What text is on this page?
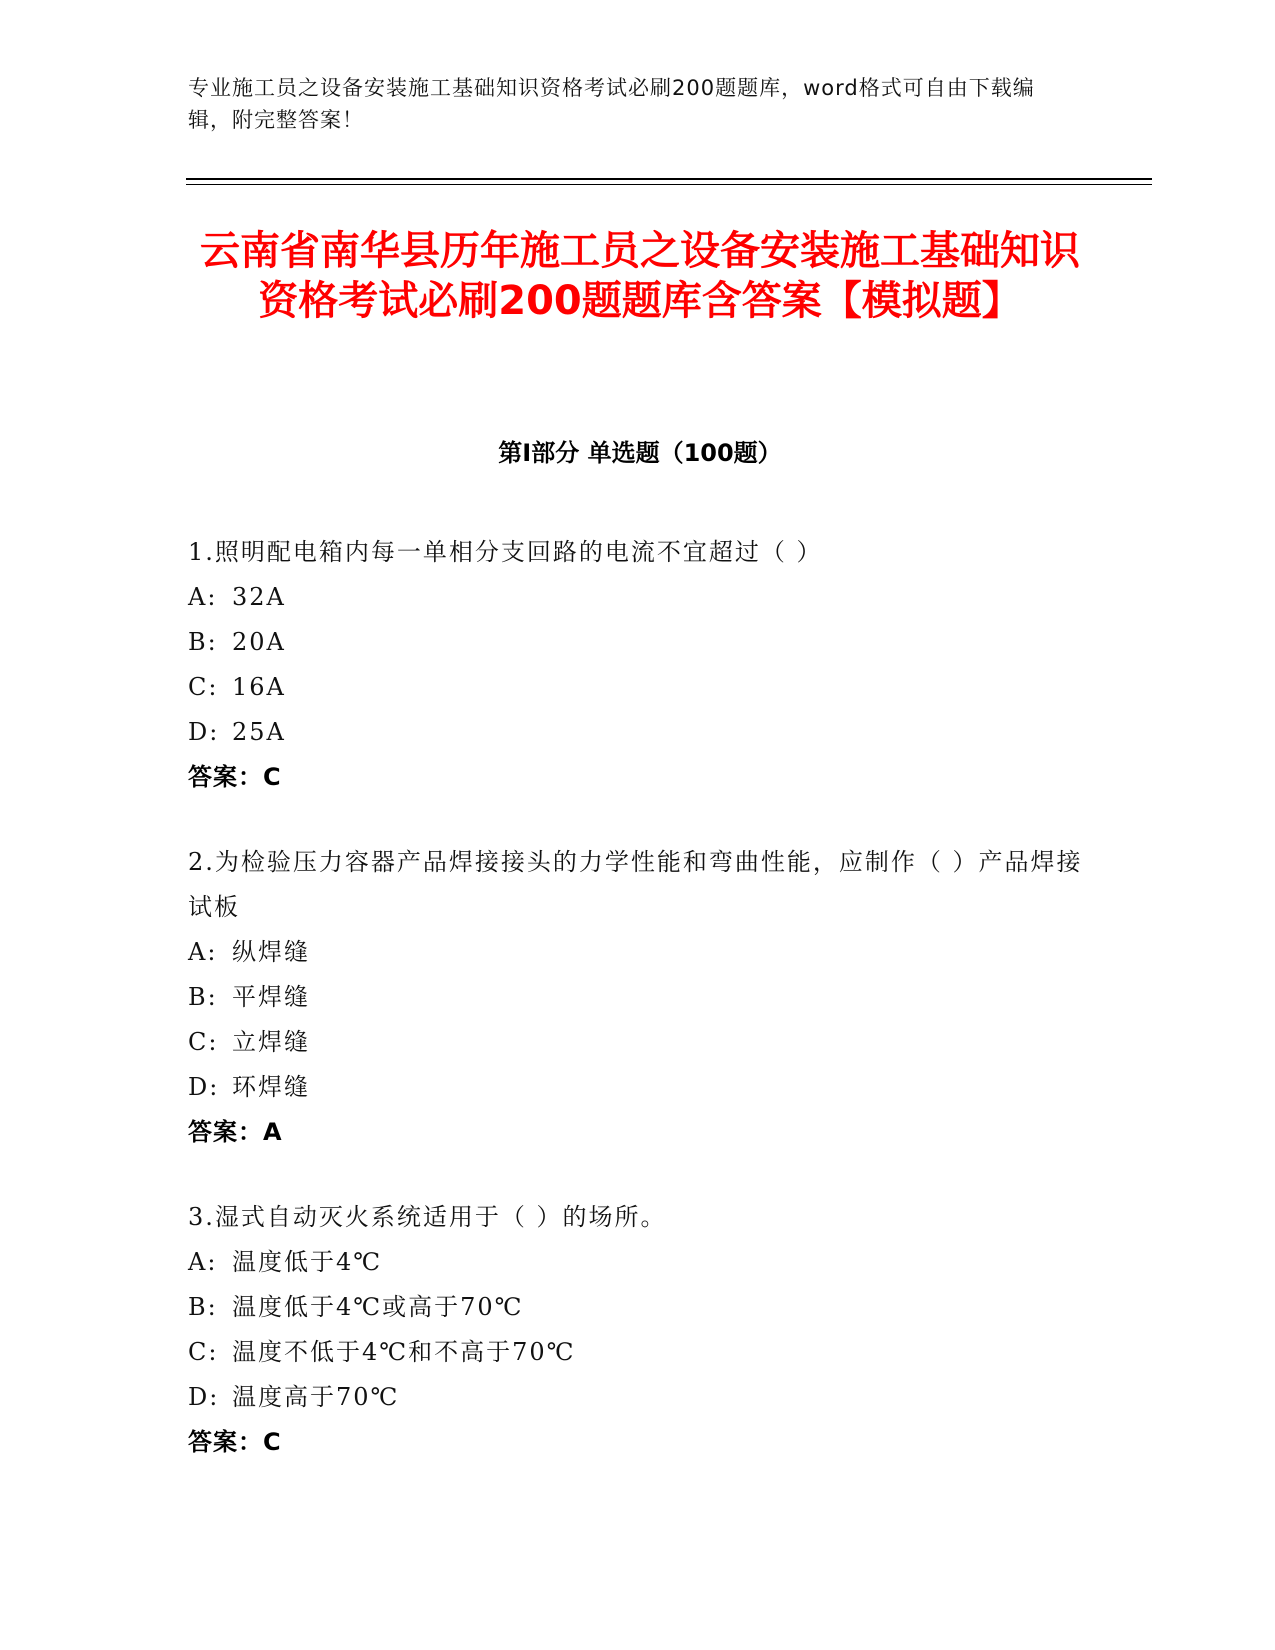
专业施工员之设备安装施工基础知识资格考试必刷200题题库，word格式可自由下载编辑，附完整答案！
云南省南华县历年施工员之设备安装施工基础知识资格考试必刷200题题库含答案【模拟题】
第Ⅰ部分 单选题（100题）
1.照明配电箱内每一单相分支回路的电流不宜超过（ ）
A: 32A
B: 20A
C: 16A
D: 25A
答案：C
2.为检验压力容器产品焊接接头的力学性能和弯曲性能，应制作（ ）产品焊接试板
A: 纵焊缝
B: 平焊缝
C: 立焊缝
D: 环焊缝
答案：A
3.湿式自动灭火系统适用于（ ）的场所。
A: 温度低于4℃
B: 温度低于4℃或高于70℃
C: 温度不低于4℃和不高于70℃
D: 温度高于70℃
答案：C
